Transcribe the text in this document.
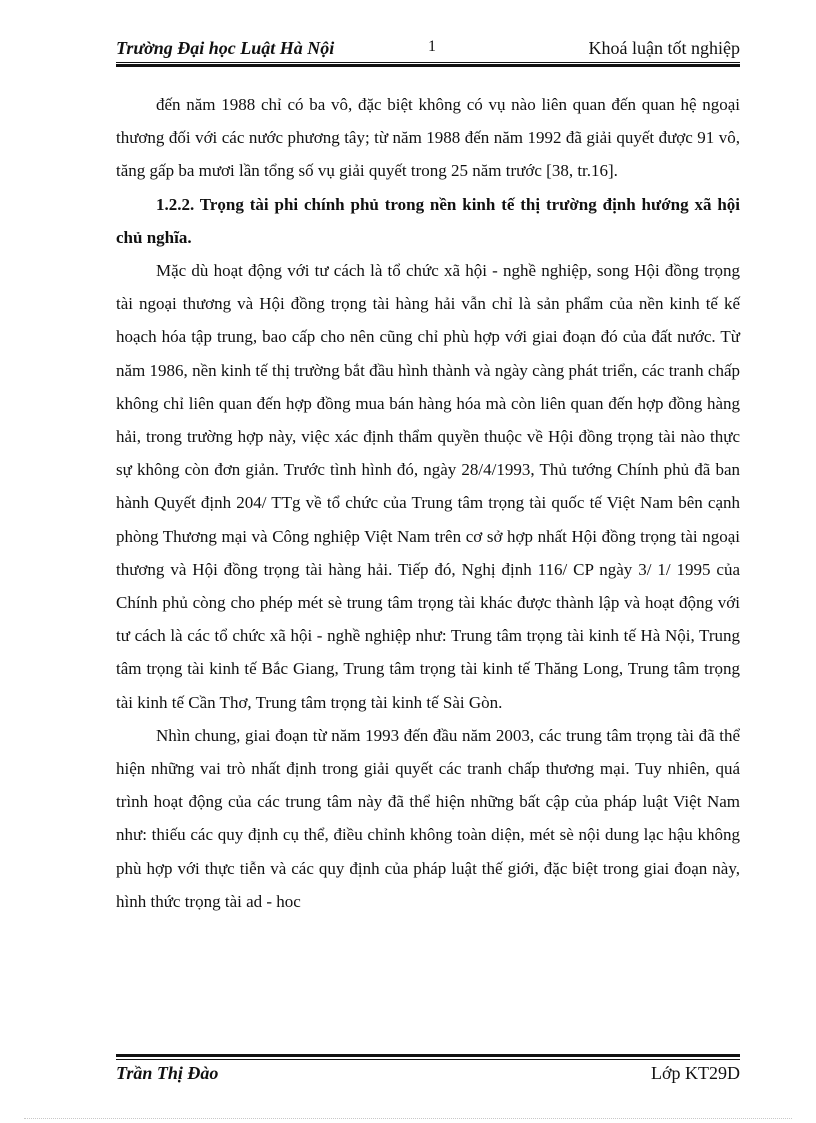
Trường Đại học Luật Hà Nội	1	Khoá luận tốt nghiệp

đến năm 1988 chỉ có ba vô, đặc biệt không có vụ nào liên quan đến quan hệ ngoại thương đối với các nước phương tây; từ năm 1988 đến năm 1992 đã giải quyết được 91 vô, tăng gấp ba mươi lần tổng số vụ giải quyết trong 25 năm trước [38, tr.16].

1.2.2. Trọng tài phi chính phủ trong nền kinh tế thị trường định hướng xã hội chủ nghĩa.

Mặc dù hoạt động với tư cách là tổ chức xã hội - nghề nghiệp, song Hội đồng trọng tài ngoại thương và Hội đồng trọng tài hàng hải vẫn chỉ là sản phẩm của nền kinh tế kế hoạch hóa tập trung, bao cấp cho nên cũng chỉ phù hợp với giai đoạn đó của đất nước. Từ năm 1986, nền kinh tế thị trường bắt đầu hình thành và ngày càng phát triển, các tranh chấp không chỉ liên quan đến hợp đồng mua bán hàng hóa mà còn liên quan đến hợp đồng hàng hải, trong trường hợp này, việc xác định thẩm quyền thuộc về Hội đồng trọng tài nào thực sự không còn đơn giản. Trước tình hình đó, ngày 28/4/1993, Thủ tướng Chính phủ đã ban hành Quyết định 204/ TTg về tổ chức của Trung tâm trọng tài quốc tế Việt Nam bên cạnh phòng Thương mại và Công nghiệp Việt Nam trên cơ sở hợp nhất Hội đồng trọng tài ngoại thương và Hội đồng trọng tài hàng hải. Tiếp đó, Nghị định 116/ CP ngày 3/ 1/ 1995 của Chính phủ còng cho phép mét sè trung tâm trọng tài khác được thành lập và hoạt động với tư cách là các tổ chức xã hội - nghề nghiệp như: Trung tâm trọng tài kinh tế Hà Nội, Trung tâm trọng tài kinh tế Bắc Giang, Trung tâm trọng tài kinh tế Thăng Long, Trung tâm trọng tài kinh tế Cần Thơ, Trung tâm trọng tài kinh tế Sài Gòn.

Nhìn chung, giai đoạn từ năm 1993 đến đầu năm 2003, các trung tâm trọng tài đã thể hiện những vai trò nhất định trong giải quyết các tranh chấp thương mại. Tuy nhiên, quá trình hoạt động của các trung tâm này đã thể hiện những bất cập của pháp luật Việt Nam như: thiếu các quy định cụ thể, điều chỉnh không toàn diện, mét sè nội dung lạc hậu không phù hợp với thực tiễn và các quy định của pháp luật thế giới, đặc biệt trong giai đoạn này, hình thức trọng tài ad - hoc

Trần Thị Đào	Lớp KT29D
